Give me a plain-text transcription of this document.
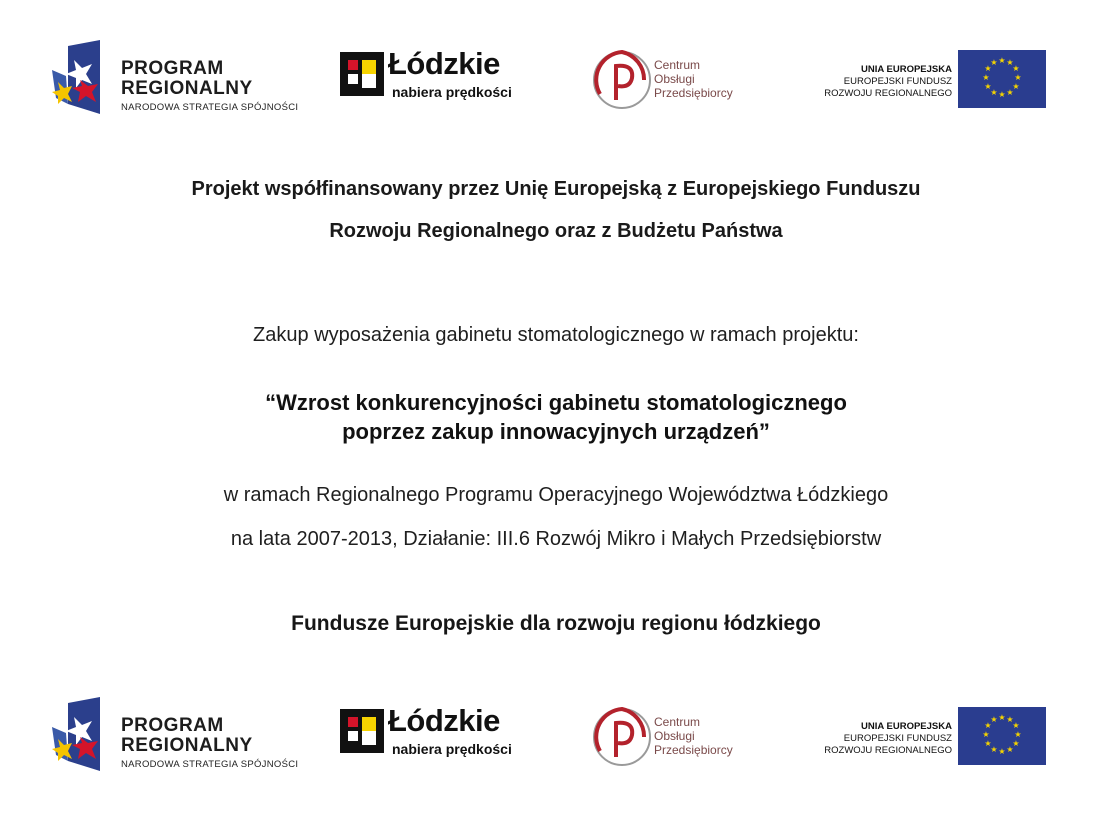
PROGRAM
REGIONALNY
NARODOWA STRATEGIA SPÓJNOŚCI
Łódzkie
nabiera prędkości
Centrum
Obsługi
Przedsiębiorcy
UNIA EUROPEJSKA
EUROPEJSKI FUNDUSZ
ROZWOJU REGIONALNEGO
★ ★
★
★
★
★
★
★
★
★
★
★
Projekt współfinansowany przez Unię Europejską z Europejskiego Funduszu
Rozwoju Regionalnego oraz z Budżetu Państwa
Zakup wyposażenia gabinetu stomatologicznego w ramach projektu:
“Wzrost konkurencyjności gabinetu stomatologicznego
poprzez zakup innowacyjnych urządzeń”
w ramach Regionalnego Programu Operacyjnego Województwa Łódzkiego
na lata 2007-2013, Działanie: III.6 Rozwój Mikro i Małych Przedsiębiorstw
Fundusze Europejskie dla rozwoju regionu łódzkiego
PROGRAM
REGIONALNY
NARODOWA STRATEGIA SPÓJNOŚCI
Łódzkie
nabiera prędkości
Centrum
Obsługi
Przedsiębiorcy
UNIA EUROPEJSKA
EUROPEJSKI FUNDUSZ
ROZWOJU REGIONALNEGO
★ ★
★
★
★
★
★
★
★
★
★
★
